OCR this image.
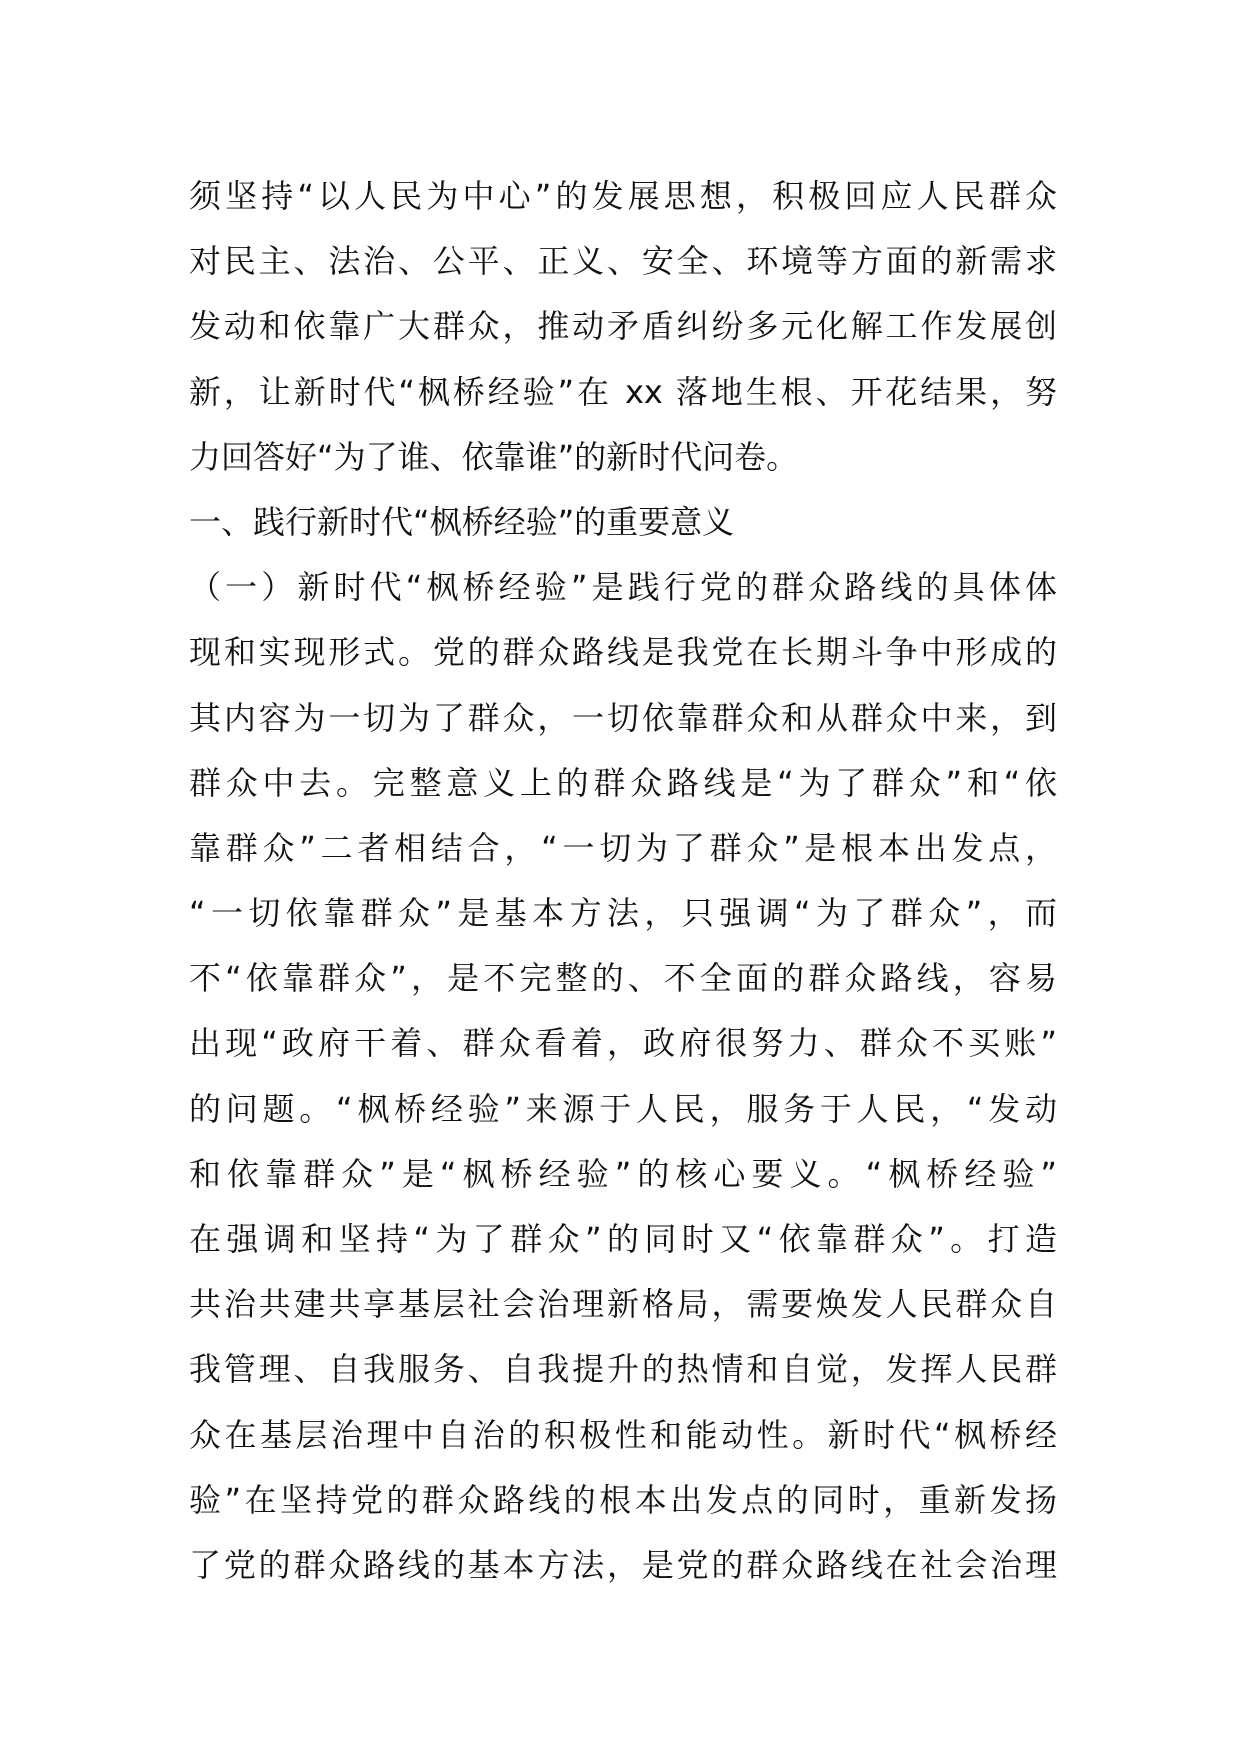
须坚持“以人民为中心”的发展思想，积极回应人民群众
对民主、法治、公平、正义、安全、环境等方面的新需求
发动和依靠广大群众，推动矛盾纠纷多元化解工作发展创
新，让新时代“枫桥经验”在 xx 落地生根、开花结果，努
力回答好“为了谁、依靠谁”的新时代问卷。
一、践行新时代“枫桥经验”的重要意义
（一）新时代“枫桥经验”是践行党的群众路线的具体体
现和实现形式。党的群众路线是我党在长期斗争中形成的
其内容为一切为了群众，一切依靠群众和从群众中来，到
群众中去。完整意义上的群众路线是“为了群众”和“依
靠群众”二者相结合，“一切为了群众”是根本出发点，
“一切依靠群众”是基本方法，只强调“为了群众”，而
不“依靠群众”，是不完整的、不全面的群众路线，容易
出现“政府干着、群众看着，政府很努力、群众不买账”
的问题。“枫桥经验”来源于人民，服务于人民，“发动
和依靠群众”是“枫桥经验”的核心要义。“枫桥经验”
在强调和坚持“为了群众”的同时又“依靠群众”。打造
共治共建共享基层社会治理新格局，需要焕发人民群众自
我管理、自我服务、自我提升的热情和自觉，发挥人民群
众在基层治理中自治的积极性和能动性。新时代“枫桥经
验”在坚持党的群众路线的根本出发点的同时，重新发扬
了党的群众路线的基本方法，是党的群众路线在社会治理
